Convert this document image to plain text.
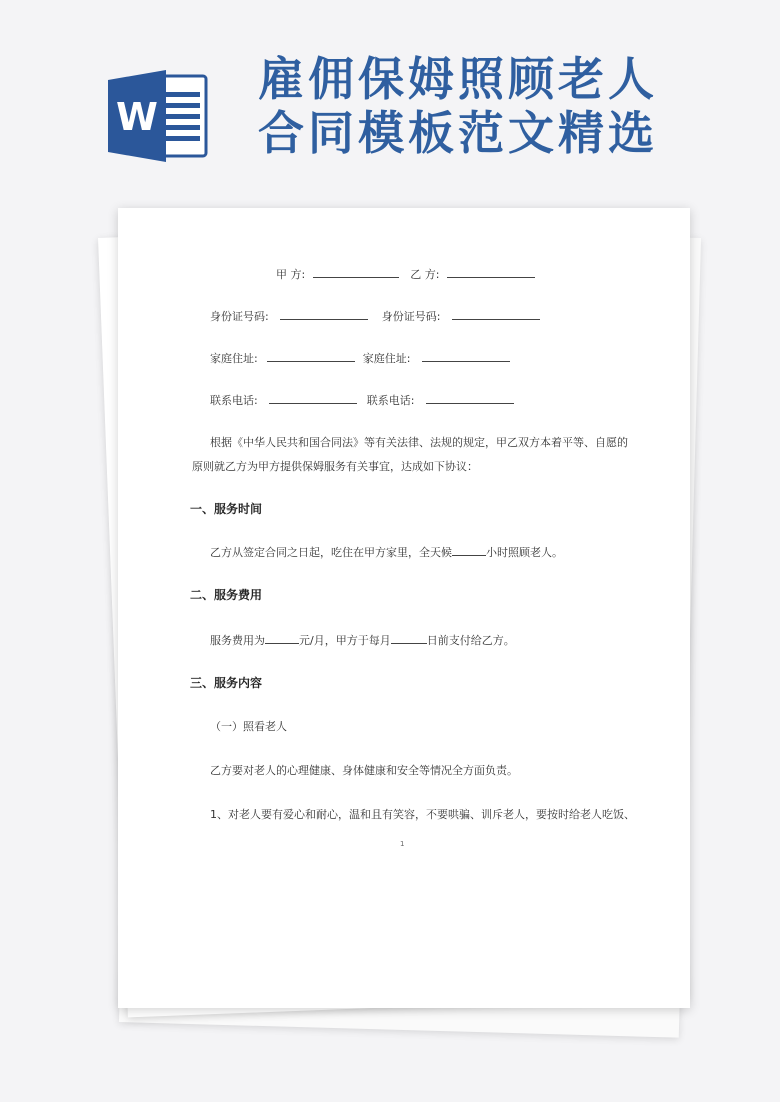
W
雇佣保姆照顾老人
合同模板范文精选
甲 方:	乙 方:
身份证号码:	身份证号码:
家庭住址:	家庭住址:
联系电话:	联系电话:
根据《中华人民共和国合同法》等有关法律、法规的规定，甲乙双方本着平等、自愿的
原则就乙方为甲方提供保姆服务有关事宜，达成如下协议：
一、服务时间
乙方从签定合同之日起，吃住在甲方家里，全天候	小时照顾老人。
二、服务费用
服务费用为	元/月，甲方于每月	日前支付给乙方。
三、服务内容
（一）照看老人
乙方要对老人的心理健康、身体健康和安全等情况全方面负责。
1、对老人要有爱心和耐心，温和且有笑容，不要哄骗、训斥老人，要按时给老人吃饭、
1
